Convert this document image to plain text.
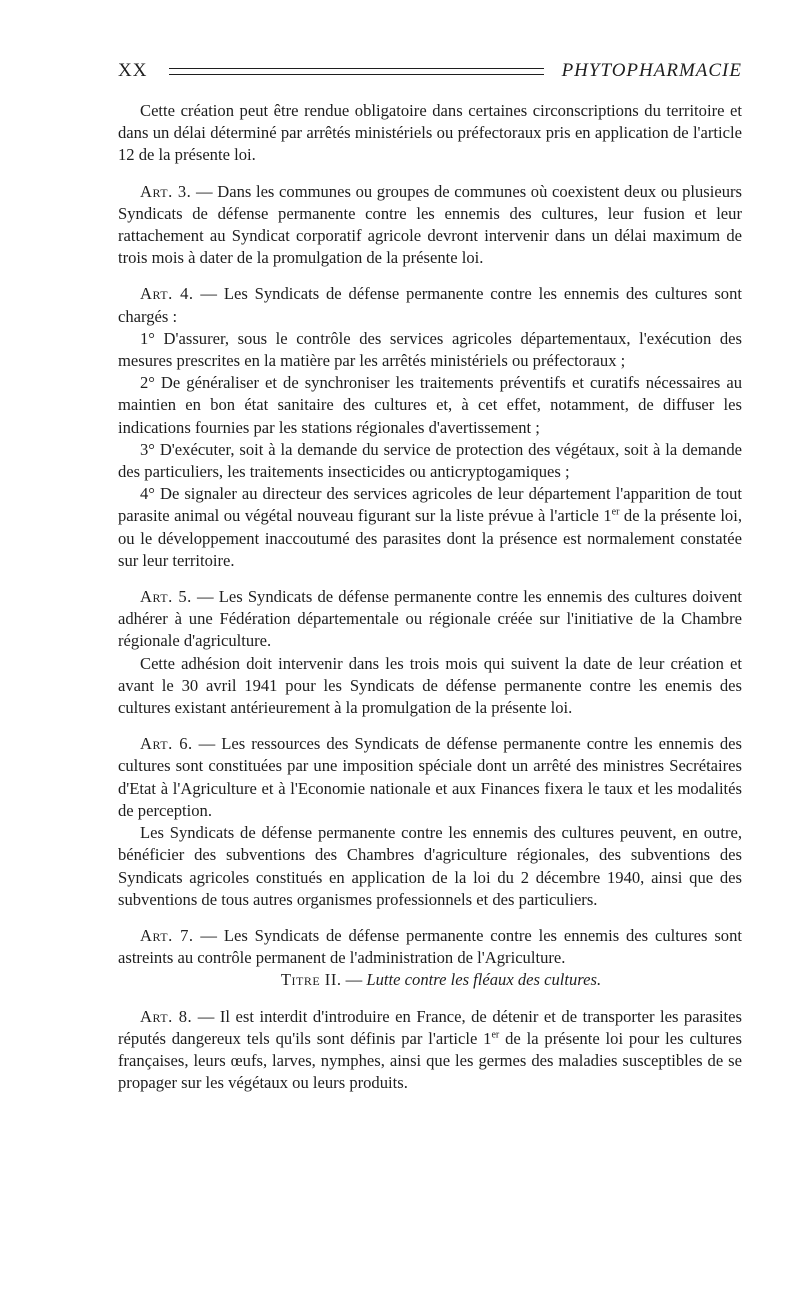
XX	PHYTOPHARMACIE

Cette création peut être rendue obligatoire dans certaines circonscriptions du territoire et dans un délai déterminé par arrêtés ministériels ou préfectoraux pris en application de l'article 12 de la présente loi.

Art. 3. — Dans les communes ou groupes de communes où coexistent deux ou plusieurs Syndicats de défense permanente contre les ennemis des cultures, leur fusion et leur rattachement au Syndicat corporatif agricole devront intervenir dans un délai maximum de trois mois à dater de la promulgation de la présente loi.

Art. 4. — Les Syndicats de défense permanente contre les ennemis des cultures sont chargés :

1° D'assurer, sous le contrôle des services agricoles départementaux, l'exécution des mesures prescrites en la matière par les arrêtés ministériels ou préfectoraux ;

2° De généraliser et de synchroniser les traitements préventifs et curatifs nécessaires au maintien en bon état sanitaire des cultures et, à cet effet, notamment, de diffuser les indications fournies par les stations régionales d'avertissement ;

3° D'exécuter, soit à la demande du service de protection des végétaux, soit à la demande des particuliers, les traitements insecticides ou anticryptogamiques ;

4° De signaler au directeur des services agricoles de leur département l'apparition de tout parasite animal ou végétal nouveau figurant sur la liste prévue à l'article 1er de la présente loi, ou le développement inaccoutumé des parasites dont la présence est normalement constatée sur leur territoire.

Art. 5. — Les Syndicats de défense permanente contre les ennemis des cultures doivent adhérer à une Fédération départementale ou régionale créée sur l'initiative de la Chambre régionale d'agriculture.

Cette adhésion doit intervenir dans les trois mois qui suivent la date de leur création et avant le 30 avril 1941 pour les Syndicats de défense permanente contre les enemis des cultures existant antérieurement à la promulgation de la présente loi.

Art. 6. — Les ressources des Syndicats de défense permanente contre les ennemis des cultures sont constituées par une imposition spéciale dont un arrêté des ministres Secrétaires d'Etat à l'Agriculture et à l'Economie nationale et aux Finances fixera le taux et les modalités de perception.

Les Syndicats de défense permanente contre les ennemis des cultures peuvent, en outre, bénéficier des subventions des Chambres d'agriculture régionales, des subventions des Syndicats agricoles constitués en application de la loi du 2 décembre 1940, ainsi que des subventions de tous autres organismes professionnels et des particuliers.

Art. 7. — Les Syndicats de défense permanente contre les ennemis des cultures sont astreints au contrôle permanent de l'administration de l'Agriculture.

Titre II. — Lutte contre les fléaux des cultures.

Art. 8. — Il est interdit d'introduire en France, de détenir et de transporter les parasites réputés dangereux tels qu'ils sont définis par l'article 1er de la présente loi pour les cultures françaises, leurs œufs, larves, nymphes, ainsi que les germes des maladies susceptibles de se propager sur les végétaux ou leurs produits.
